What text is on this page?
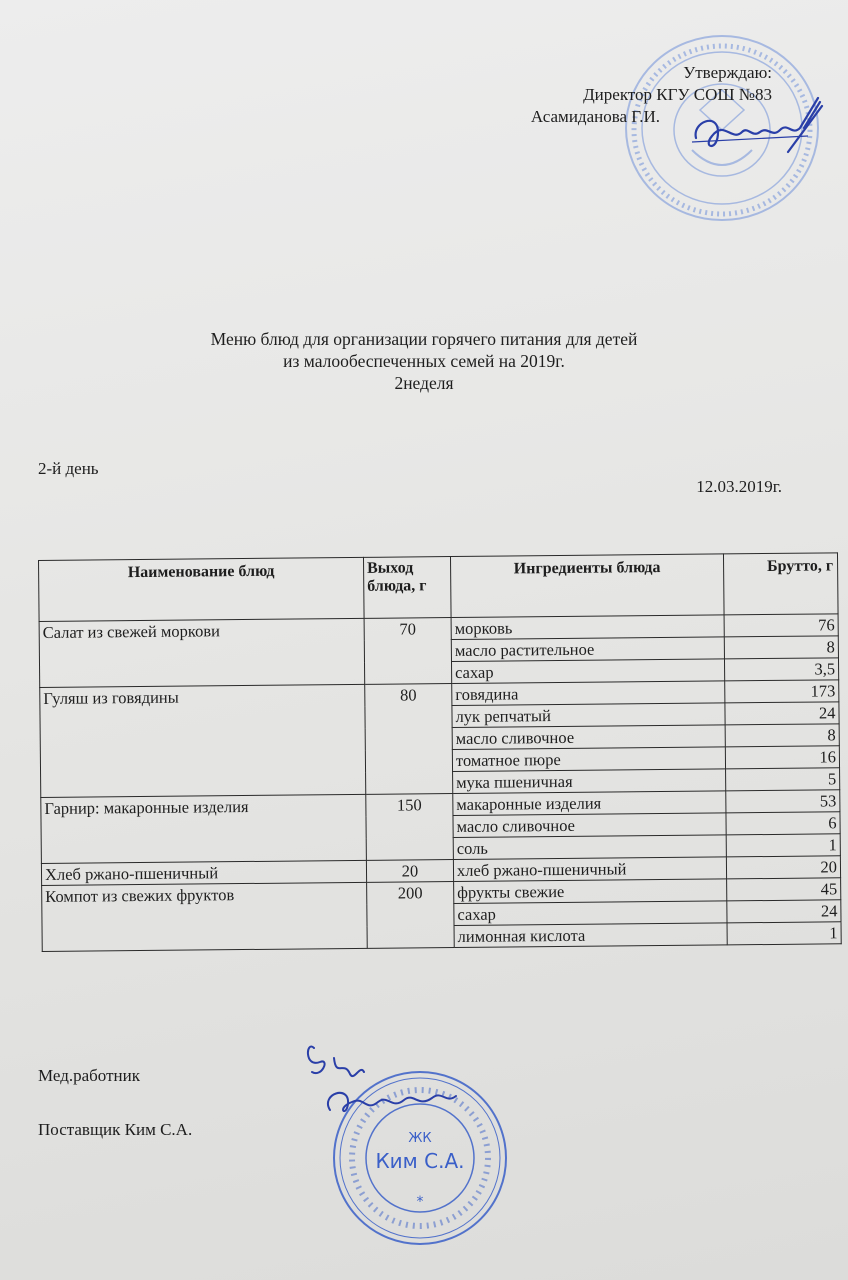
Утверждаю:
Директор КГУ СОШ №83
Асамиданова Г.И.
Меню блюд для организации горячего питания для детей
из малообеспеченных семей на 2019г.
2неделя
2-й день
12.03.2019г.
Наименование блюд	Выход блюда, г	Ингредиенты блюда	Брутто, г
Салат из свежей моркови	70	морковь	76
		масло растительное	8
		сахар	3,5
Гуляш из говядины	80	говядина	173
		лук репчатый	24
		масло сливочное	8
		томатное пюре	16
		мука пшеничная	5
Гарнир: макаронные изделия	150	макаронные изделия	53
		масло сливочное	6
		соль	1
Хлеб ржано-пшеничный	20	хлеб ржано-пшеничный	20
Компот из свежих фруктов	200	фрукты свежие	45
		сахар	24
		лимонная кислота	1
Мед.работник
Поставщик Ким С.А.	ЖК
Ким С.А.
*
